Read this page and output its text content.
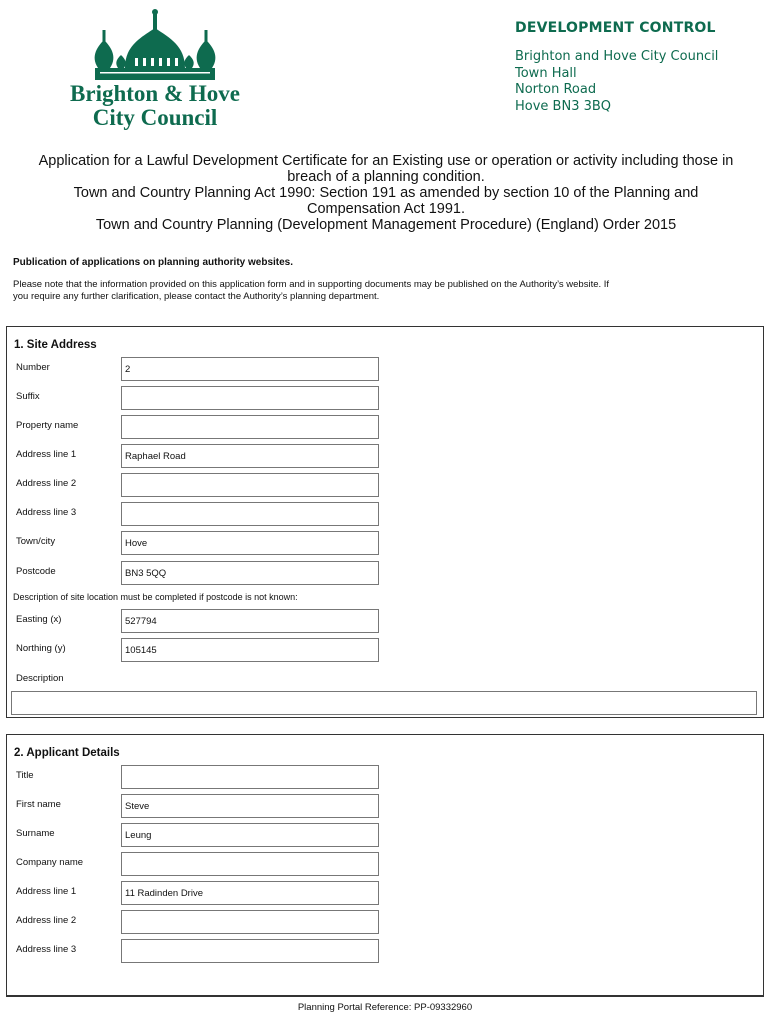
Brighton & Hove
City Council
DEVELOPMENT CONTROL
Brighton and Hove City Council
Town Hall
Norton Road
Hove BN3 3BQ
Application for a Lawful Development Certificate for an Existing use or operation or activity including those in
breach of a planning condition.
Town and Country Planning Act 1990: Section 191 as amended by section 10 of the Planning and
Compensation Act 1991.
Town and Country Planning (Development Management Procedure) (England) Order 2015
Publication of applications on planning authority websites.
Please note that the information provided on this application form and in supporting documents may be published on the Authority’s website. If
you require any further clarification, please contact the Authority’s planning department.
1. Site Address
Number	2
Suffix
Property name
Address line 1	Raphael Road
Address line 2
Address line 3
Town/city	Hove
Postcode	BN3 5QQ
Description of site location must be completed if postcode is not known:
Easting (x)	527794
Northing (y)	105145
Description
2. Applicant Details
Title
First name	Steve
Surname	Leung
Company name
Address line 1	11 Radinden Drive
Address line 2
Address line 3
Planning Portal Reference: PP-09332960
